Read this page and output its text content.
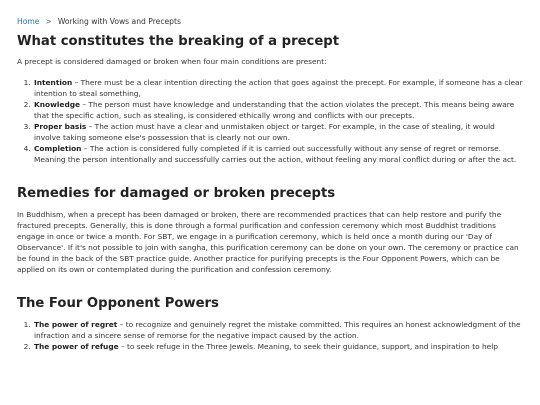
Home > Working with Vows and Precepts
What constitutes the breaking of a precept

A precept is considered damaged or broken when four main conditions are present:

1. Intention – There must be a clear intention directing the action that goes against the precept. For example, if someone has a clear intention to steal something,
2. Knowledge – The person must have knowledge and understanding that the action violates the precept. This means being aware that the specific action, such as stealing, is considered ethically wrong and conflicts with our precepts.
3. Proper basis – The action must have a clear and unmistaken object or target. For example, in the case of stealing, it would involve taking someone else's possession that is clearly not our own.
4. Completion – The action is considered fully completed if it is carried out successfully without any sense of regret or remorse. Meaning the person intentionally and successfully carries out the action, without feeling any moral conflict during or after the act.
Remedies for damaged or broken precepts

In Buddhism, when a precept has been damaged or broken, there are recommended practices that can help restore and purify the fractured precepts. Generally, this is done through a formal purification and confession ceremony which most Buddhist traditions engage in once or twice a month. For SBT, we engage in a purification ceremony, which is held once a month during our 'Day of Observance'. If it's not possible to join with sangha, this purification ceremony can be done on your own. The ceremony or practice can be found in the back of the SBT practice guide. Another practice for purifying precepts is the Four Opponent Powers, which can be applied on its own or contemplated during the purification and confession ceremony.

The Four Opponent Powers
1. The power of regret – to recognize and genuinely regret the mistake committed. This requires an honest acknowledgment of the infraction and a sincere sense of remorse for the negative impact caused by the action.
2. The power of refuge – to seek refuge in the Three Jewels. Meaning, to seek their guidance, support, and inspiration to help
